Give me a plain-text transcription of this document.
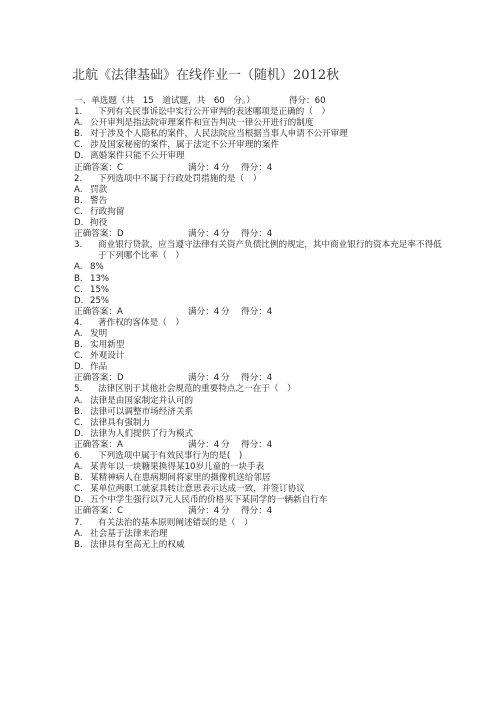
北航《法律基础》在线作业一（随机）2012秋
一、单选题（共　15　道试题，共　60　分。）	得分：60
1.	下列有关民事诉讼中实行公开审判的表述哪项是正确的（　）
A. 公开审判是指法院审理案件和宣告判决一律公开进行的制度
B. 对于涉及个人隐私的案件，人民法院应当根据当事人申请不公开审理
C. 涉及国家秘密的案件，属于法定不公开审理的案件
D. 离婚案件只能不公开审理
正确答案：C	满分：4 分	得分：4
2.	下列选项中不属于行政处罚措施的是（　）
A. 罚款
B. 警告
C. 行政拘留
D. 拘役
正确答案：D	满分：4 分	得分：4
3.	商业银行贷款，应当遵守法律有关资产负债比例的规定，其中商业银行的资本充足率不得低于下列哪个比率（　）
A. 8%
B. 13%
C. 15%
D. 25%
正确答案：A	满分：4 分	得分：4
4.	著作权的客体是（　）
A. 发明
B. 实用新型
C. 外观设计
D. 作品
正确答案：D	满分：4 分	得分：4
5.	法律区别于其他社会规范的重要特点之一在于（　）
A. 法律是由国家制定并认可的
B. 法律可以调整市场经济关系
C. 法律具有强制力
D. 法律为人们提供了行为模式
正确答案：A	满分：4 分	得分：4
6.	下列选项中属于有效民事行为的是(　)
A. 某青年以一块糖果换得某10岁儿童的一块手表
B. 某精神病人在患病期间将家里的摄像机送给邻居
C. 某单位两职工就家具转让意思表示达成一致，并签订协议
D. 五个中学生强行以7元人民币的价格买下某同学的一辆新自行车
正确答案：C	满分：4 分	得分：4
7.	有关法治的基本原则阐述错误的是（　）
A. 社会基于法律来治理
B. 法律具有至高无上的权威
